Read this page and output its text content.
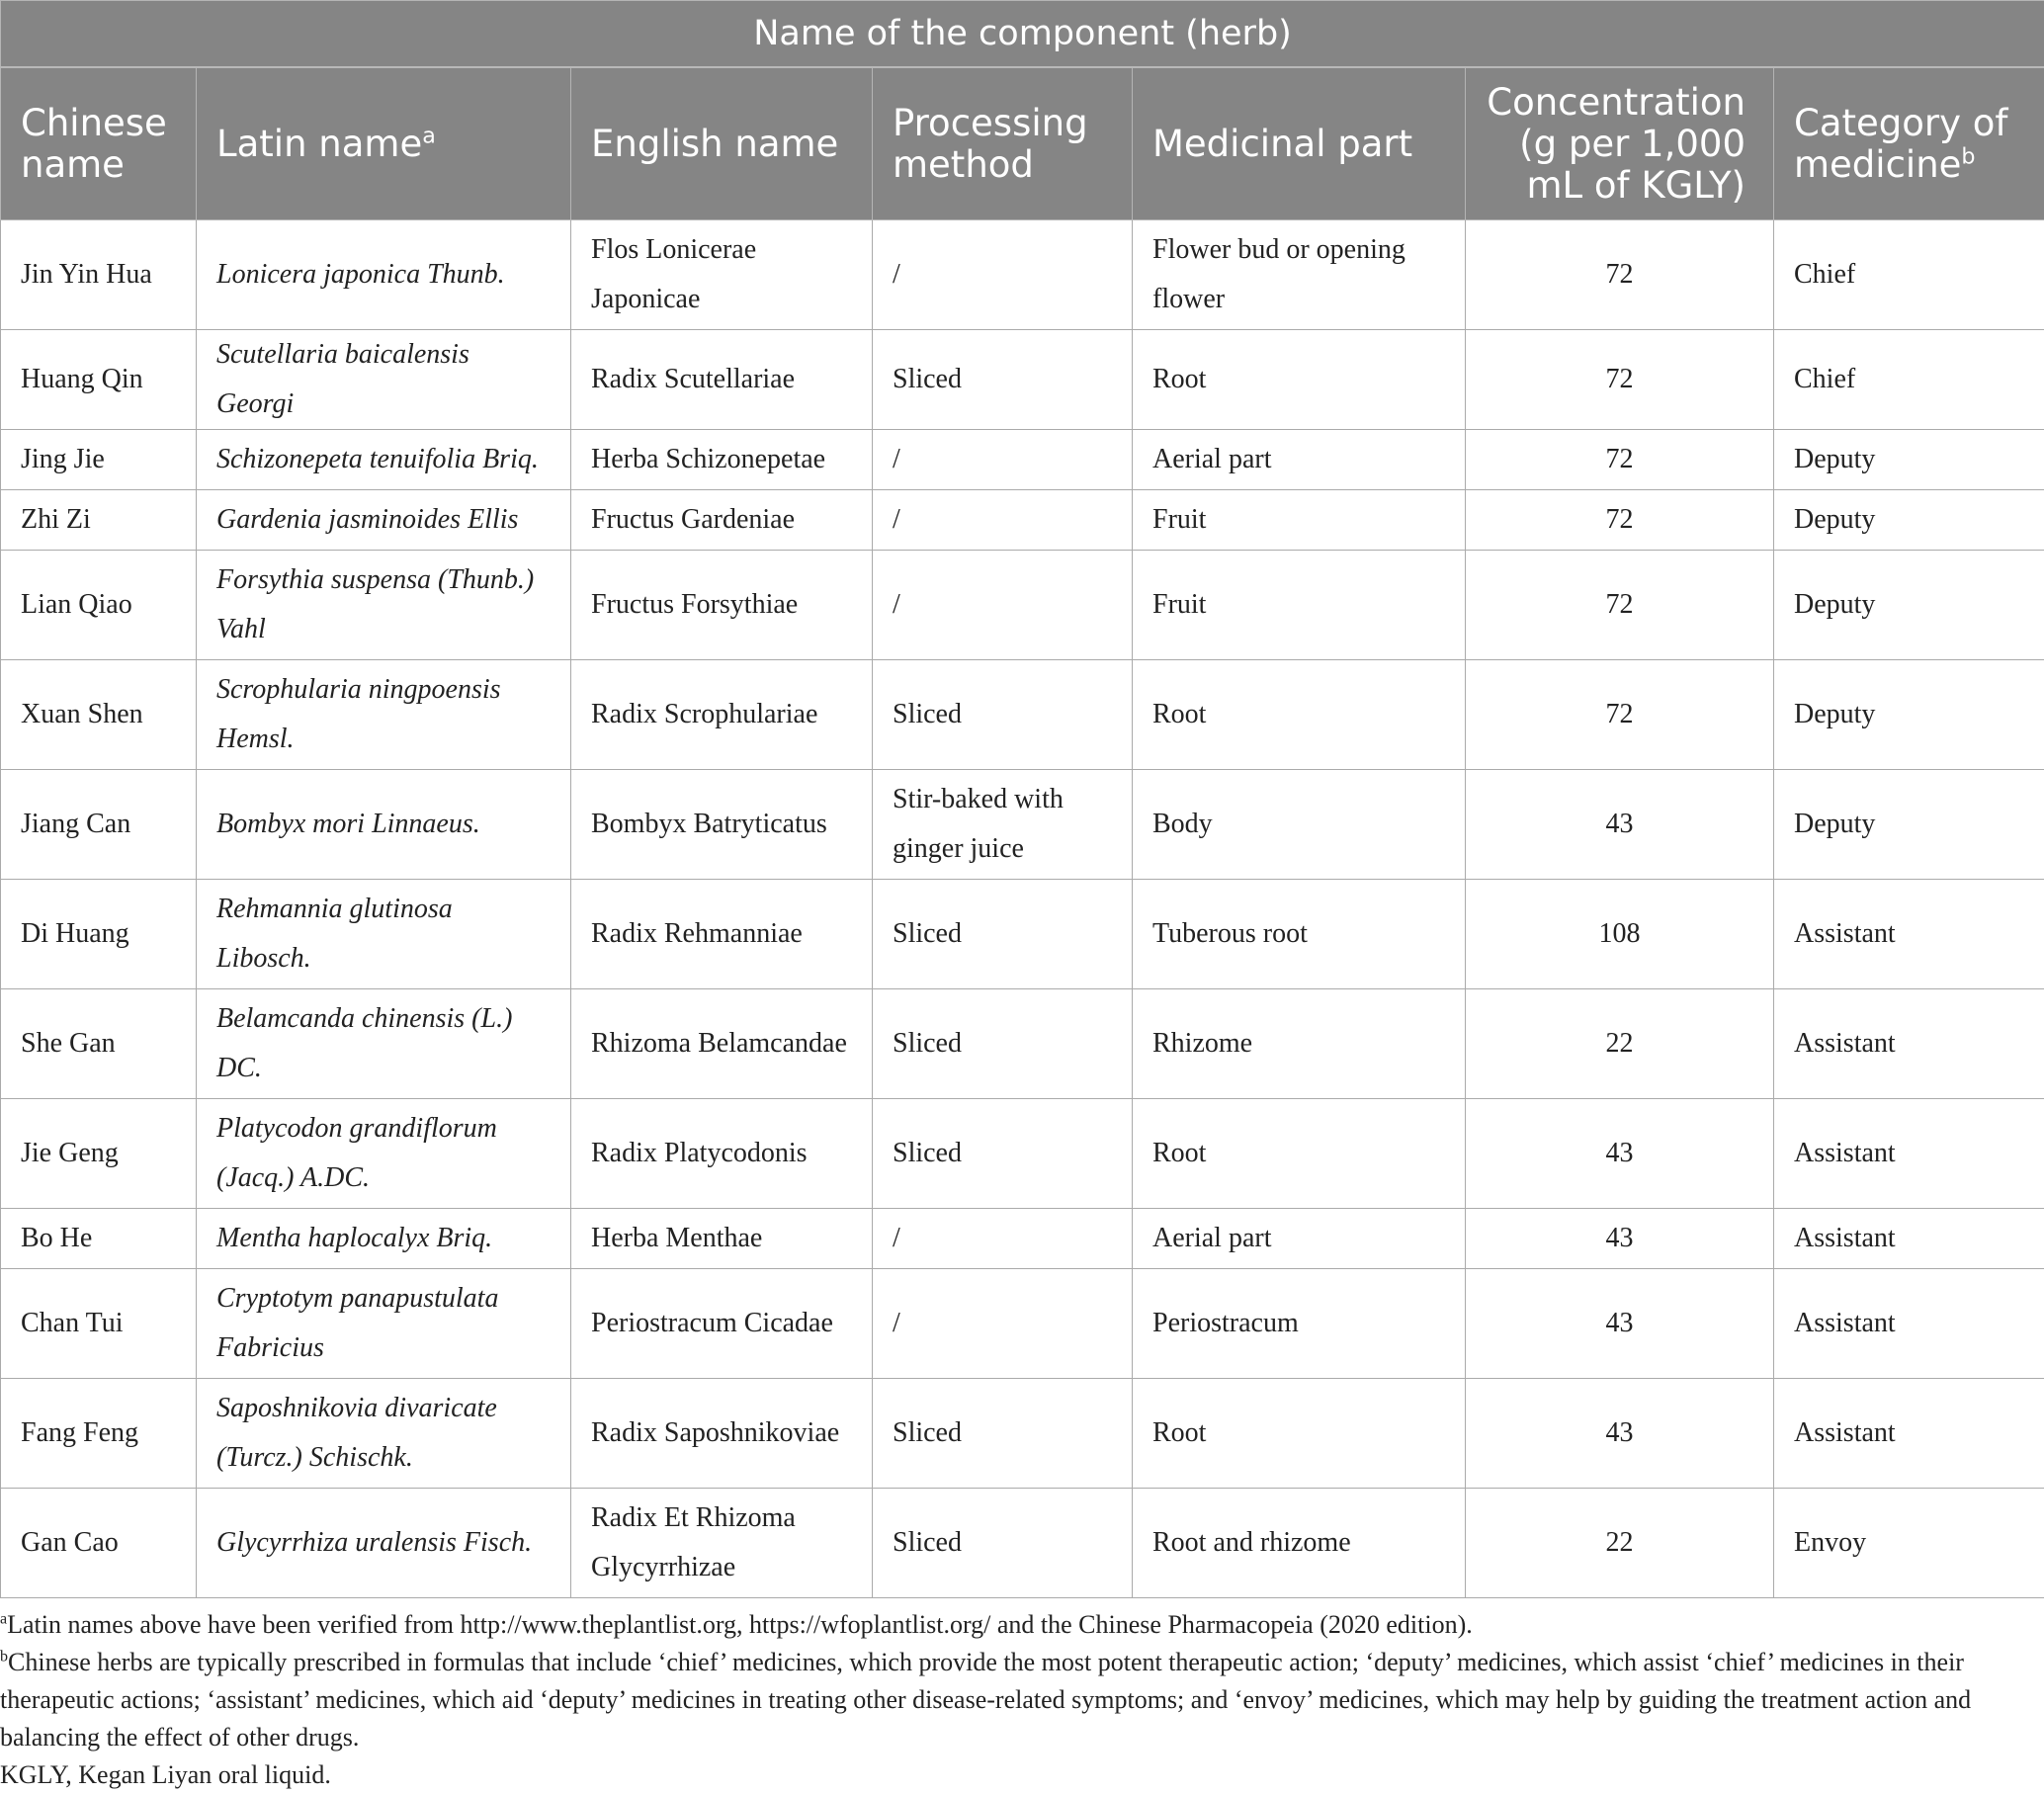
Name of the component (herb)						
Chinese name	Latin name$^a$	English name	Processing method	Medicinal part	Concentration (g per 1,000 mL of KGLY)	Category of medicine$^b$
Jin Yin Hua	Lonicera japonica Thunb.	Flos Lonicerae Japonicae	/	Flower bud or opening flower	72	Chief
Huang Qin	Scutellaria baicalensis Georgi	Radix Scutellariae	Sliced	Root	72	Chief
Jing Jie	Schizonepeta tenuifolia Briq.	Herba Schizonepetae	/	Aerial part	72	Deputy
Zhi Zi	Gardenia jasminoides Ellis	Fructus Gardeniae	/	Fruit	72	Deputy
Lian Qiao	Forsythia suspensa (Thunb.) Vahl	Fructus Forsythiae	/	Fruit	72	Deputy
Xuan Shen	Scrophularia ningpoensis Hemsl.	Radix Scrophulariae	Sliced	Root	72	Deputy
Jiang Can	Bombyx mori Linnaeus.	Bombyx Batryticatus	Stir-baked with ginger juice	Body	43	Deputy
Di Huang	Rehmannia glutinosa Libosch.	Radix Rehmanniae	Sliced	Tuberous root	108	Assistant
She Gan	Belamcanda chinensis (L.) DC.	Rhizoma Belamcandae	Sliced	Rhizome	22	Assistant
Jie Geng	Platycodon grandiflorum (Jacq.) A.DC.	Radix Platycodonis	Sliced	Root	43	Assistant
Bo He	Mentha haplocalyx Briq.	Herba Menthae	/	Aerial part	43	Assistant
Chan Tui	Cryptotym panapustulata Fabricius	Periostracum Cicadae	/	Periostracum	43	Assistant
Fang Feng	Saposhnikovia divaricate (Turcz.) Schischk.	Radix Saposhnikoviae	Sliced	Root	43	Assistant
Gan Cao	Glycyrrhiza uralensis Fisch.	Radix Et Rhizoma Glycyrrhizae	Sliced	Root and rhizome	22	Envoy

$^a$Latin names above have been verified from http://www.theplantlist.org, https://wfoplantlist.org/ and the Chinese Pharmacopeia (2020 edition).

$^b$Chinese herbs are typically prescribed in formulas that include ‘chief’ medicines, which provide the most potent therapeutic action; ‘deputy’ medicines, which assist ‘chief’ medicines in their therapeutic actions; ‘assistant’ medicines, which aid ‘deputy’ medicines in treating other disease-related symptoms; and ‘envoy’ medicines, which may help by guiding the treatment action and balancing the effect of other drugs.

KGLY, Kegan Liyan oral liquid.
